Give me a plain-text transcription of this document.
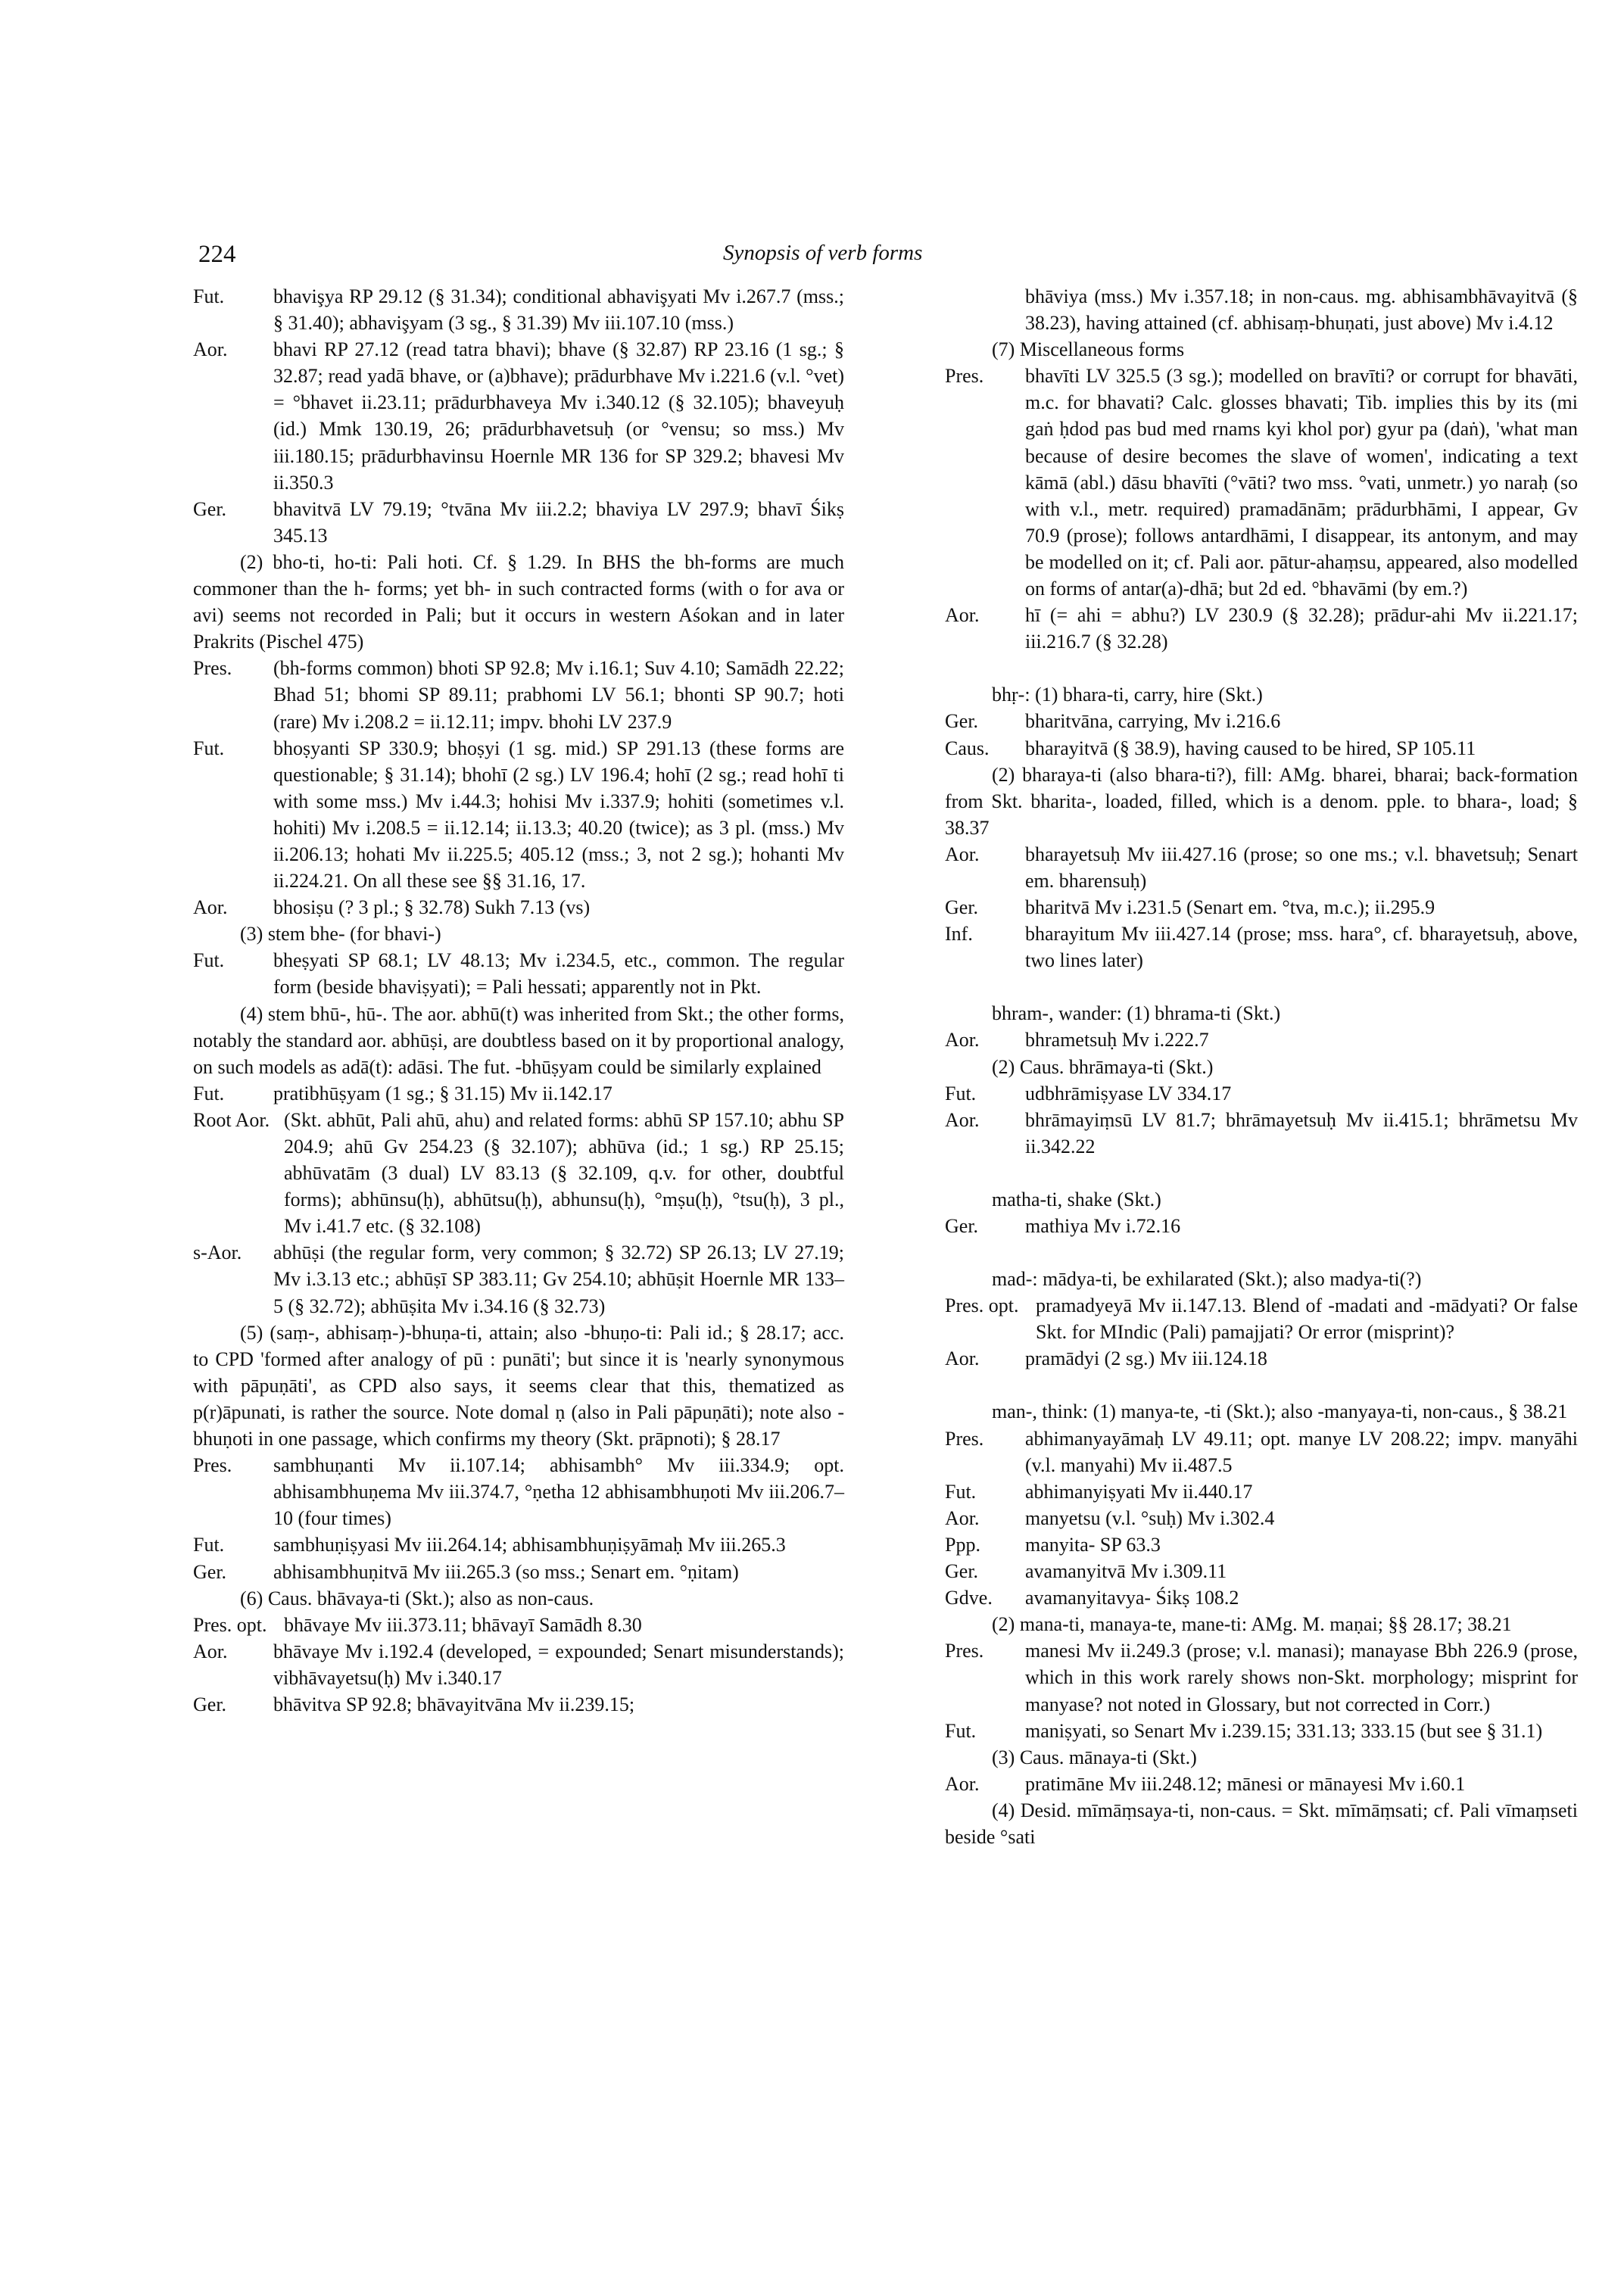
224	Synopsis of verb forms
Fut. bhavişya RP 29.12 (§ 31.34); conditional abhavişyati Mv i.267.7 (mss.; § 31.40); abhavişyam (3 sg., § 31.39) Mv iii.107.10 (mss.)
Aor. bhavi RP 27.12 (read tatra bhavi); bhave (§ 32.87) RP 23.16 (1 sg.; § 32.87; read yadā bhave, or (a)bhave); prādurbhave Mv i.221.6 (v.l. °vet) = °bhavet ii.23.11; prādurbhaveya Mv i.340.12 (§ 32.105); bhaveyuḥ (id.) Mmk 130.19, 26; prādurbhavetsuḥ (or °vensu; so mss.) Mv iii.180.15; prādurbhavinsu Hoernle MR 136 for SP 329.2; bhavesi Mv ii.350.3
Ger. bhavitvā LV 79.19; °tvāna Mv iii.2.2; bhaviya LV 297.9; bhavī Śikṣ 345.13
(2) bho-ti, ho-ti: Pali hoti. Cf. § 1.29. In BHS the bh-forms are much commoner than the h- forms; yet bh- in such contracted forms (with o for ava or avi) seems not recorded in Pali; but it occurs in western Aśokan and in later Prakrits (Pischel 475)
Pres. (bh-forms common) bhoti SP 92.8; Mv i.16.1; Suv 4.10; Samādh 22.22; Bhad 51; bhomi SP 89.11; prabhomi LV 56.1; bhonti SP 90.7; hoti (rare) Mv i.208.2 = ii.12.11; impv. bhohi LV 237.9
Fut. bhoṣyanti SP 330.9; bhoṣyi (1 sg. mid.) SP 291.13 (these forms are questionable; § 31.14); bhohī (2 sg.) LV 196.4; hohī (2 sg.; read hohī ti with some mss.) Mv i.44.3; hohisi Mv i.337.9; hohiti (sometimes v.l. hohiti) Mv i.208.5 = ii.12.14; ii.13.3; 40.20 (twice); as 3 pl. (mss.) Mv ii.206.13; hohati Mv ii.225.5; 405.12 (mss.; 3, not 2 sg.); hohanti Mv ii.224.21. On all these see §§ 31.16, 17.
Aor. bhosiṣu (? 3 pl.; § 32.78) Sukh 7.13 (vs)
(3) stem bhe- (for bhavi-)
Fut. bheṣyati SP 68.1; LV 48.13; Mv i.234.5, etc., common. The regular form (beside bhaviṣyati); = Pali hessati; apparently not in Pkt.
(4) stem bhū-, hū-. The aor. abhū(t) was inherited from Skt.; the other forms, notably the standard aor. abhūṣi, are doubtless based on it by proportional analogy, on such models as adā(t): adāsi. The fut. -bhūṣyam could be similarly explained
Fut. pratibhūṣyam (1 sg.; § 31.15) Mv ii.142.17
Root Aor. (Skt. abhūt, Pali ahū, ahu) and related forms: abhū SP 157.10; abhu SP 204.9; ahū Gv 254.23 (§ 32.107); abhūva (id.; 1 sg.) RP 25.15; abhūvatām (3 dual) LV 83.13 (§ 32.109, q.v. for other, doubtful forms); abhūnsu(ḥ), abhūtsu(ḥ), abhunsu(ḥ), °mṣu(ḥ), °tsu(ḥ), 3 pl., Mv i.41.7 etc. (§ 32.108)
s-Aor. abhūṣi (the regular form, very common; § 32.72) SP 26.13; LV 27.19; Mv i.3.13 etc.; abhūṣī SP 383.11; Gv 254.10; abhūṣit Hoernle MR 133–5 (§ 32.72); abhūṣita Mv i.34.16 (§ 32.73)
(5) (saṃ-, abhisaṃ-)-bhuṇa-ti, attain; also -bhuṇo-ti: Pali id.; § 28.17; acc. to CPD 'formed after analogy of pū : punāti'; but since it is 'nearly synonymous with pāpuṇāti', as CPD also says, it seems clear that this, thematized as p(r)āpunati, is rather the source. Note domal ṇ (also in Pali pāpuṇāti); note also -bhuṇoti in one passage, which confirms my theory (Skt. prāpnoti); § 28.17
Pres. sambhuṇanti Mv ii.107.14; abhisambh° Mv iii.334.9; opt. abhisambhuṇema Mv iii.374.7, °ṇetha 12 abhisambhuṇoti Mv iii.206.7–10 (four times)
Fut. sambhuṇiṣyasi Mv iii.264.14; abhisambhuṇiṣyāmaḥ Mv iii.265.3
Ger. abhisambhuṇitvā Mv iii.265.3 (so mss.; Senart em. °ṇitam)
(6) Caus. bhāvaya-ti (Skt.); also as non-caus.
Pres. opt. bhāvaye Mv iii.373.11; bhāvayī Samādh 8.30
Aor. bhāvaye Mv i.192.4 (developed, = expounded; Senart misunderstands); vibhāvayetsu(ḥ) Mv i.340.17
Ger. bhāvitva SP 92.8; bhāvayitvāna Mv ii.239.15;
bhāviya (mss.) Mv i.357.18; in non-caus. mg. abhisambhāvayitvā (§ 38.23), having attained (cf. abhisaṃ-bhuṇati, just above) Mv i.4.12
(7) Miscellaneous forms
Pres. bhavīti LV 325.5 (3 sg.); modelled on bravīti? or corrupt for bhavāti, m.c. for bhavati? Calc. glosses bhavati; Tib. implies this by its (mi gaṅ ḥdod pas bud med rnams kyi khol por) gyur pa (daṅ), 'what man because of desire becomes the slave of women', indicating a text kāmā (abl.) dāsu bhavīti (°vāti? two mss. °vati, unmetr.) yo naraḥ (so with v.l., metr. required) pramadānām; prādurbhāmi, I appear, Gv 70.9 (prose); follows antardhāmi, I disappear, its antonym, and may be modelled on it; cf. Pali aor. pātur-ahaṃsu, appeared, also modelled on forms of antar(a)-dhā; but 2d ed. °bhavāmi (by em.?)
Aor. hī (= ahi = abhu?) LV 230.9 (§ 32.28); prādur-ahi Mv ii.221.17; iii.216.7 (§ 32.28)
bhṛ-: (1) bhara-ti, carry, hire (Skt.)
Ger. bharitvāna, carrying, Mv i.216.6
Caus. bharayitvā (§ 38.9), having caused to be hired, SP 105.11
(2) bharaya-ti (also bhara-ti?), fill: AMg. bharei, bharai; back-formation from Skt. bharita-, loaded, filled, which is a denom. pple. to bhara-, load; § 38.37
Aor. bharayetsuḥ Mv iii.427.16 (prose; so one ms.; v.l. bhavetsuḥ; Senart em. bharensuḥ)
Ger. bharitvā Mv i.231.5 (Senart em. °tva, m.c.); ii.295.9
Inf.	bharayitum Mv iii.427.14 (prose; mss. hara°, cf. bharayetsuḥ, above, two lines later)
bhram-, wander: (1) bhrama-ti (Skt.)
Aor. bhrametsuḥ Mv i.222.7
(2) Caus. bhrāmaya-ti (Skt.)
Fut. udbhrāmiṣyase LV 334.17
Aor. bhrāmayiṃsū LV 81.7; bhrāmayetsuḥ Mv ii.415.1; bhrāmetsu Mv ii.342.22
matha-ti, shake (Skt.)
Ger. mathiya Mv i.72.16
mad-: mādya-ti, be exhilarated (Skt.); also madya-ti(?)
Pres. opt. pramadyeyā Mv ii.147.13. Blend of -madati and -mādyati? Or false Skt. for MIndic (Pali) pamajjati? Or error (misprint)?
Aor. pramādyi (2 sg.) Mv iii.124.18
man-, think: (1) manya-te, -ti (Skt.); also -manyaya-ti, non-caus., § 38.21
Pres. abhimanyayāmaḥ LV 49.11; opt. manye LV 208.22; impv. manyāhi (v.l. manyahi) Mv ii.487.5
Fut. abhimanyiṣyati Mv ii.440.17
Aor. manyetsu (v.l. °suḥ) Mv i.302.4
Ppp. manyita- SP 63.3
Ger. avamanyitvā Mv i.309.11
Gdve. avamanyitavya- Śikṣ 108.2
(2) mana-ti, manaya-te, mane-ti: AMg. M. maṇai; §§ 28.17; 38.21
Pres. manesi Mv ii.249.3 (prose; v.l. manasi); manayase Bbh 226.9 (prose, which in this work rarely shows non-Skt. morphology; misprint for manyase? not noted in Glossary, but not corrected in Corr.)
Fut. maniṣyati, so Senart Mv i.239.15; 331.13; 333.15 (but see § 31.1)
(3) Caus. mānaya-ti (Skt.)
Aor. pratimāne Mv iii.248.12; mānesi or mānayesi Mv i.60.1
(4) Desid. mīmāṃsaya-ti, non-caus. = Skt. mīmāṃsati; cf. Pali vīmaṃseti beside °sati
